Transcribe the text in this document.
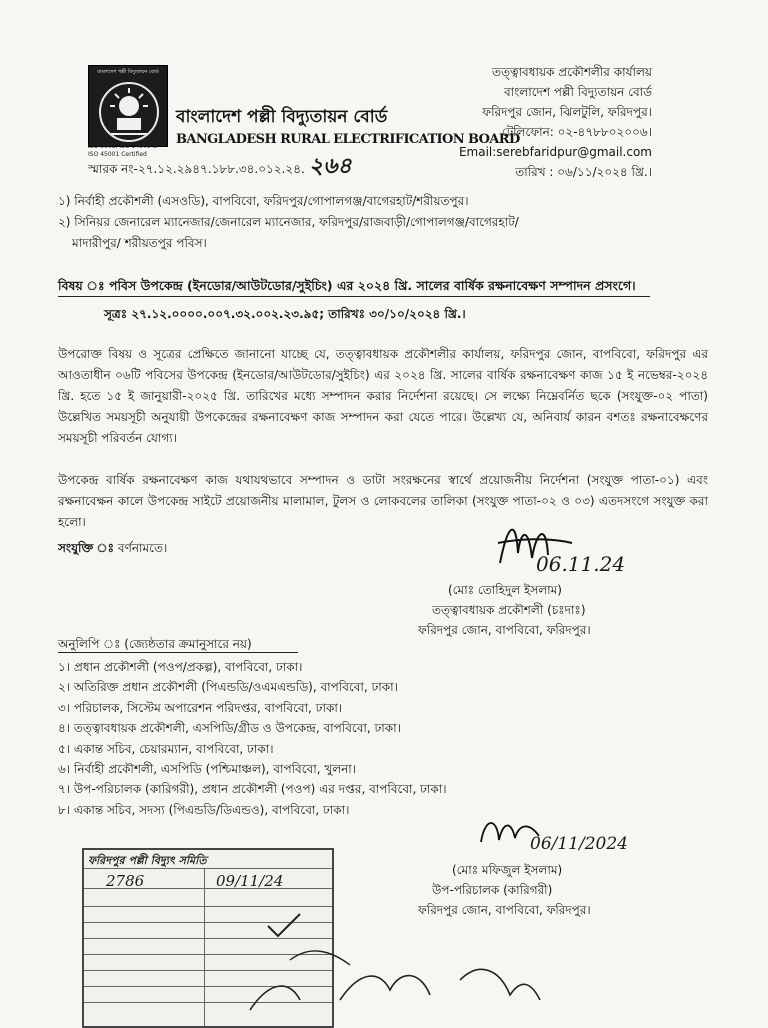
বাংলাদেশ পল্লী বিদ্যুতায়ন বোর্ড
ISO 9001, ISO 14001 &
ISO 45001 Certified
বাংলাদেশ পল্লী বিদ্যুতায়ন বোর্ড
BANGLADESH RURAL ELECTRIFICATION BOARD
তত্ত্বাবধায়ক প্রকৌশলীর কার্যালয়
বাংলাদেশ পল্লী বিদ্যুতায়ন বোর্ড
ফরিদপুর জোন, ঝিলটুলি, ফরিদপুর।
টেলিফোন: ০২-৪৭৮৮০২০০৬।
Email:serebfaridpur@gmail.com
তারিখ : ০৬/১১/২০২৪ খ্রি.।
স্মারক নং-২৭.১২.২৯৪৭.১৮৮.৩৪.০১২.২৪. ২৬৪
১) নির্বাহী প্রকৌশলী (এসওডি), বাপবিবো, ফরিদপুর/গোপালগঞ্জ/বাগেরহাট/শরীয়তপুর।
২) সিনিয়র জেনারেল ম্যানেজার/জেনারেল ম্যানেজার, ফরিদপুর/রাজবাড়ী/গোপালগঞ্জ/বাগেরহাট/
মাদারীপুর/ শরীয়তপুর পবিস।
বিষয় ঃ পবিস উপকেন্দ্র (ইনডোর/আউটডোর/সুইচিং) এর ২০২৪ খ্রি. সালের বার্ষিক রক্ষনাবেক্ষণ সম্পাদন প্রসংগে।
সূত্রঃ ২৭.১২.০০০০.০০৭.৩২.০০২.২৩.৯৫; তারিখঃ ৩০/১০/২০২৪ খ্রি.।
উপরোক্ত বিষয় ও সূত্রের প্রেক্ষিতে জানানো যাচ্ছে যে, তত্ত্বাবধায়ক প্রকৌশলীর কার্যালয়, ফরিদপুর জোন, বাপবিবো, ফরিদপুর এর আওতাধীন ০৬টি পবিসের উপকেন্দ্র (ইনডোর/আউটডোর/সুইচিং) এর ২০২৪ খ্রি. সালের বার্ষিক রক্ষনাবেক্ষণ কাজ ১৫ ই নভেম্বর-২০২৪ খ্রি. হতে ১৫ ই জানুয়ারী-২০২৫ খ্রি. তারিখের মধ্যে সম্পাদন করার নির্দেশনা রয়েছে। সে লক্ষ্যে নিম্নেবর্নিত ছকে (সংযুক্ত-০২ পাতা) উল্লেখিত সময়সূচী অনুযায়ী উপকেন্দ্রের রক্ষনাবেক্ষণ কাজ সম্পাদন করা যেতে পারে। উল্লেখ্য যে, অনিবার্য কারন বশতঃ রক্ষনাবেক্ষণের সময়সূচী পরিবর্তন যোগ্য।
উপকেন্দ্র বার্ষিক রক্ষনাবেক্ষণ কাজ যথাযথভাবে সম্পাদন ও ডাটা সংরক্ষনের স্বার্থে প্রয়োজনীয় নির্দেশনা (সংযুক্ত পাতা-০১) এবং রক্ষনাবেক্ষন কালে উপকেন্দ্র সাইটে প্রয়োজনীয় মালামাল, টুলস ও লোকবলের তালিকা (সংযুক্ত পাতা-০২ ও ০৩) এতদসংগে সংযুক্ত করা হলো।
সংযুক্তি ঃ বর্ণনামতে।
06.11.24
(মোঃ তোহিদুল ইসলাম)
তত্ত্বাবধায়ক প্রকৌশলী (চঃদাঃ)
ফরিদপুর জোন, বাপবিবো, ফরিদপুর।
অনুলিপি ঃ (জ্যেষ্ঠতার ক্রমানুসারে নয়)
১। প্রধান প্রকৌশলী (পওপ/প্রকল্প), বাপবিবো, ঢাকা।
২। অতিরিক্ত প্রধান প্রকৌশলী (পিএন্ডডি/ওএমএন্ডডি), বাপবিবো, ঢাকা।
৩। পরিচালক, সিস্টেম অপারেশন পরিদপ্তর, বাপবিবো, ঢাকা।
৪। তত্ত্বাবধায়ক প্রকৌশলী, এসপিডি/গ্রীড ও উপকেন্দ্র, বাপবিবো, ঢাকা।
৫। একান্ত সচিব, চেয়ারম্যান, বাপবিবো, ঢাকা।
৬। নির্বাহী প্রকৌশলী, এসপিডি (পশ্চিমাঞ্চল), বাপবিবো, খুলনা।
৭। উপ-পরিচালক (কারিগরী), প্রধান প্রকৌশলী (পওপ) এর দপ্তর, বাপবিবো, ঢাকা।
৮। একান্ত সচিব, সদস্য (পিএন্ডডি/ডিএন্ডও), বাপবিবো, ঢাকা।
06/11/2024
(মোঃ মফিজুল ইসলাম)
উপ-পরিচালক (কারিগরী)
ফরিদপুর জোন, বাপবিবো, ফরিদপুর।
ফরিদপুর পল্লী বিদ্যুৎ সমিতি
2786	09/11/24
